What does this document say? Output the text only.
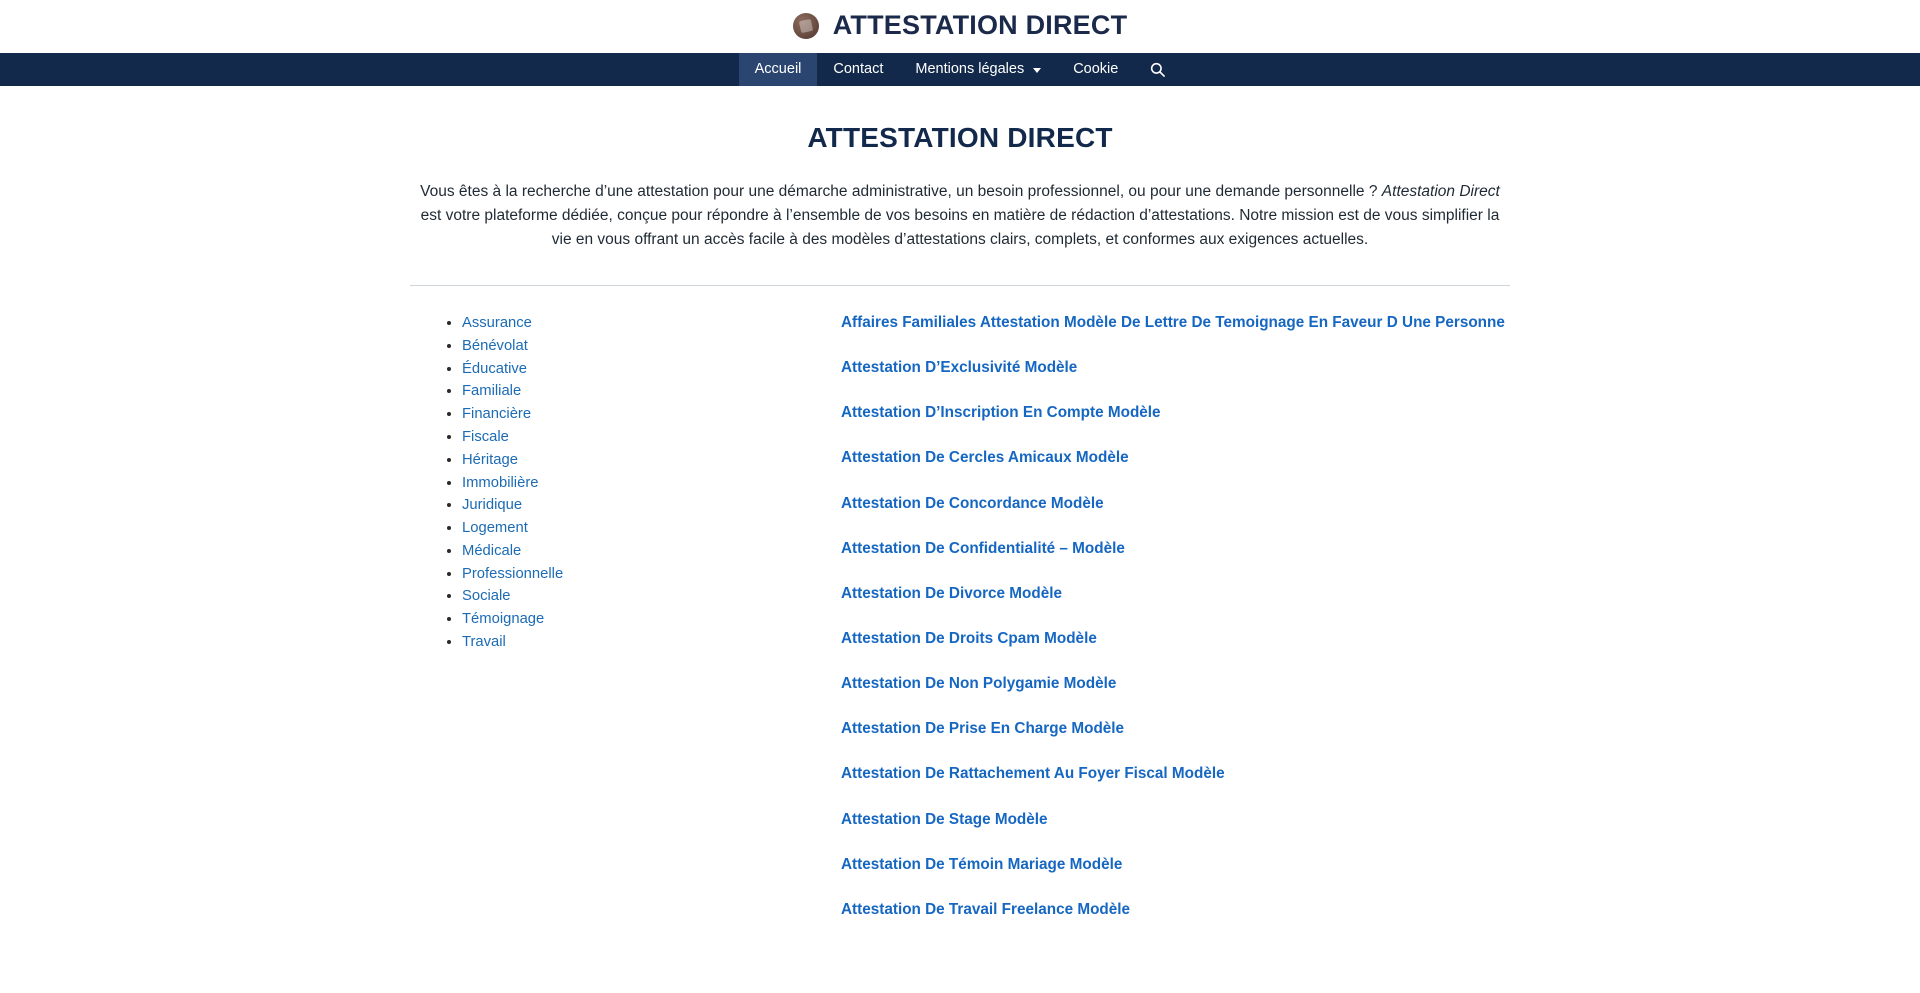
ATTESTATION DIRECT
Accueil Contact Mentions légales	Cookie
ATTESTATION DIRECT

Vous êtes à la recherche d’une attestation pour une démarche administrative, un besoin professionnel, ou pour une demande personnelle ? Attestation Direct est votre plateforme dédiée, conçue pour répondre à l’ensemble de vos besoins en matière de rédaction d’attestations. Notre mission est de vous simplifier la vie en vous offrant un accès facile à des modèles d’attestations clairs, complets, et conformes aux exigences actuelles.

• Assurance
• Bénévolat
• Éducative
• Familiale
• Financière
• Fiscale
• Héritage
• Immobilière
• Juridique
• Logement
• Médicale
• Professionnelle
• Sociale
• Témoignage
• Travail
Affaires Familiales Attestation Modèle De Lettre De Temoignage En Faveur D Une Personne
Attestation D’Exclusivité Modèle
Attestation D’Inscription En Compte Modèle
Attestation De Cercles Amicaux Modèle
Attestation De Concordance Modèle
Attestation De Confidentialité – Modèle
Attestation De Divorce Modèle
Attestation De Droits Cpam Modèle
Attestation De Non Polygamie Modèle
Attestation De Prise En Charge Modèle
Attestation De Rattachement Au Foyer Fiscal Modèle
Attestation De Stage Modèle
Attestation De Témoin Mariage Modèle
Attestation De Travail Freelance Modèle
